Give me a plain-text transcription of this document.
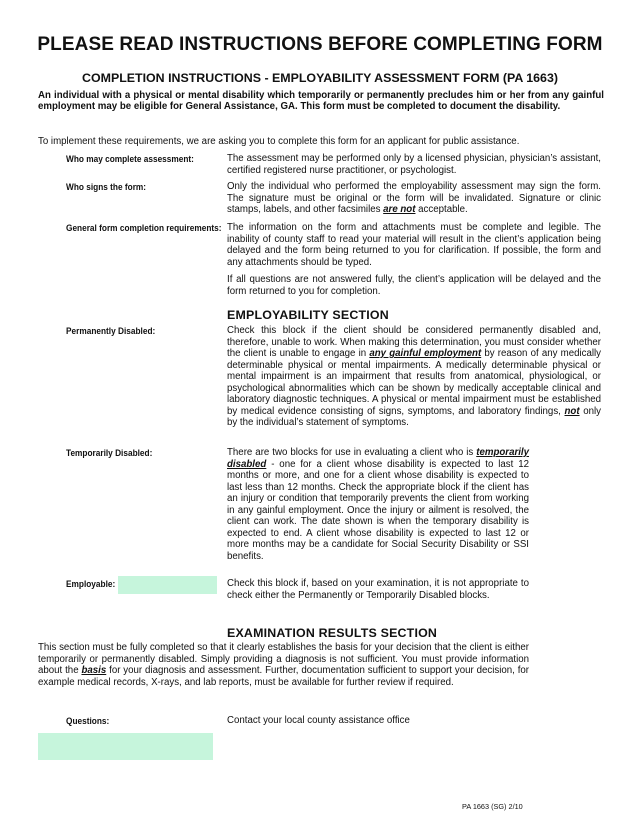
PLEASE READ INSTRUCTIONS BEFORE COMPLETING FORM
COMPLETION INSTRUCTIONS - EMPLOYABILITY ASSESSMENT FORM (PA 1663)
An individual with a physical or mental disability which temporarily or permanently precludes him or her from any gainful employment may be eligible for General Assistance, GA. This form must be completed to document the disability.
To implement these requirements, we are asking you to complete this form for an applicant for public assistance.
Who may complete assessment:	The assessment may be performed only by a licensed physician, physician’s assistant, certified registered nurse practitioner, or psychologist.
Who signs the form:	Only the individual who performed the employability assessment may sign the form. The signature must be original or the form will be invalidated. Signature or clinic stamps, labels, and other facsimiles are not acceptable.
General form completion requirements: The information on the form and attachments must be complete and legible. The inability of county staff to read your material will result in the client’s application being delayed and the form being returned to you for clarification. If possible, the form and any attachments should be typed.
If all questions are not answered fully, the client’s application will be delayed and the form returned to you for completion.
EMPLOYABILITY SECTION
Permanently Disabled:	Check this block if the client should be considered permanently disabled and, therefore, unable to work. When making this determination, you must consider whether the client is unable to engage in any gainful employment by reason of any medically determinable physical or mental impairments. A medically determinable physical or mental impairment is an impairment that results from anatomical, physiological, or psychological abnormalities which can be shown by medically acceptable clinical and laboratory diagnostic techniques. A physical or mental impairment must be established by medical evidence consisting of signs, symptoms, and laboratory findings, not only by the individual’s statement of symptoms.
Temporarily Disabled:	There are two blocks for use in evaluating a client who is temporarily disabled - one for a client whose disability is expected to last 12 months or more, and one for a client whose disability is expected to last less than 12 months. Check the appropriate block if the client has an injury or condition that temporarily prevents the client from working in any gainful employment. Once the injury or ailment is resolved, the client can work. The date shown is when the temporary disability is expected to end. A client whose disability is expected to last 12 or more months may be a candidate for Social Security Disability or SSI benefits.
Employable:	Check this block if, based on your examination, it is not appropriate to check either the Permanently or Temporarily Disabled blocks.
EXAMINATION RESULTS SECTION
This section must be fully completed so that it clearly establishes the basis for your decision that the client is either temporarily or permanently disabled. Simply providing a diagnosis is not sufficient. You must provide information about the basis for your diagnosis and assessment. Further, documentation sufficient to support your decision, for example medical records, X-rays, and lab reports, must be available for further review if required.
Questions:	Contact your local county assistance office
PA 1663 (SG) 2/10
